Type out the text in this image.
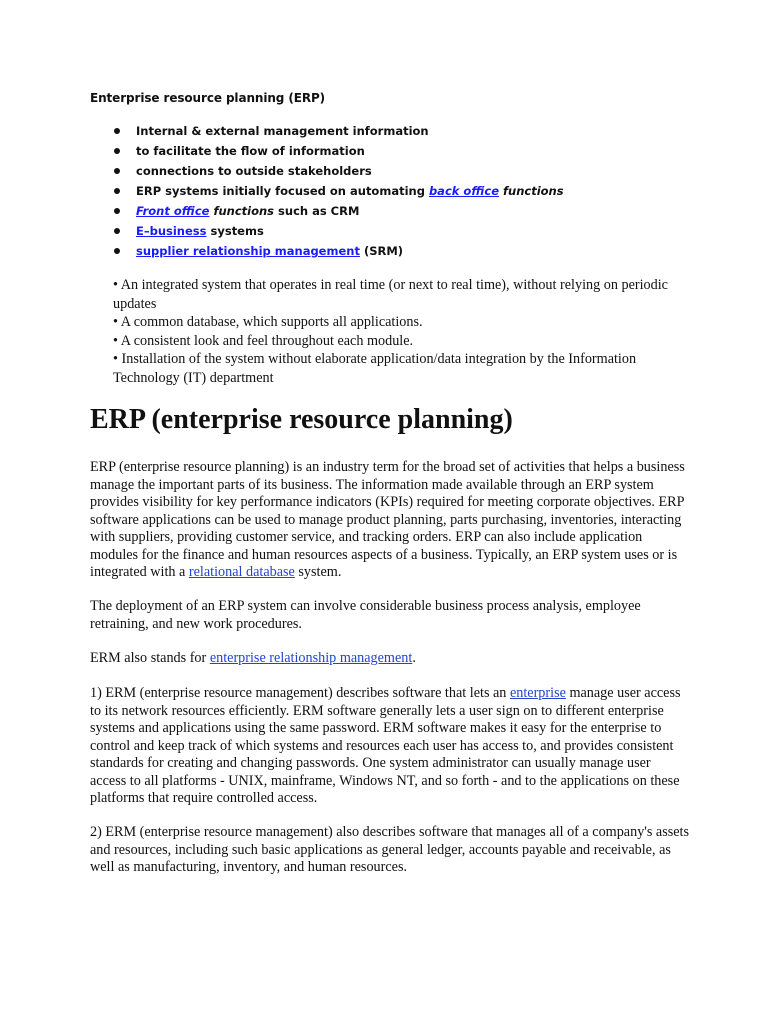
Enterprise resource planning (ERP)
Internal & external management information
to facilitate the flow of information
connections to outside stakeholders
ERP systems initially focused on automating back office functions
Front office functions such as CRM
E–business systems
supplier relationship management (SRM)

• An integrated system that operates in real time (or next to real time), without relying on periodic updates

• A common database, which supports all applications.

• A consistent look and feel throughout each module.

• Installation of the system without elaborate application/data integration by the Information Technology (IT) department

ERP (enterprise resource planning)

ERP (enterprise resource planning) is an industry term for the broad set of activities that helps a business manage the important parts of its business. The information made available through an ERP system provides visibility for key performance indicators (KPIs) required for meeting corporate objectives. ERP software applications can be used to manage product planning, parts purchasing, inventories, interacting with suppliers, providing customer service, and tracking orders. ERP can also include application modules for the finance and human resources aspects of a business. Typically, an ERP system uses or is integrated with a relational database system.

The deployment of an ERP system can involve considerable business process analysis, employee retraining, and new work procedures.

ERM also stands for enterprise relationship management.

1) ERM (enterprise resource management) describes software that lets an enterprise manage user access to its network resources efficiently. ERM software generally lets a user sign on to different enterprise systems and applications using the same password. ERM software makes it easy for the enterprise to control and keep track of which systems and resources each user has access to, and provides consistent standards for creating and changing passwords. One system administrator can usually manage user access to all platforms - UNIX, mainframe, Windows NT, and so forth - and to the applications on these platforms that require controlled access.

2) ERM (enterprise resource management) also describes software that manages all of a company's assets and resources, including such basic applications as general ledger, accounts payable and receivable, as well as manufacturing, inventory, and human resources.
